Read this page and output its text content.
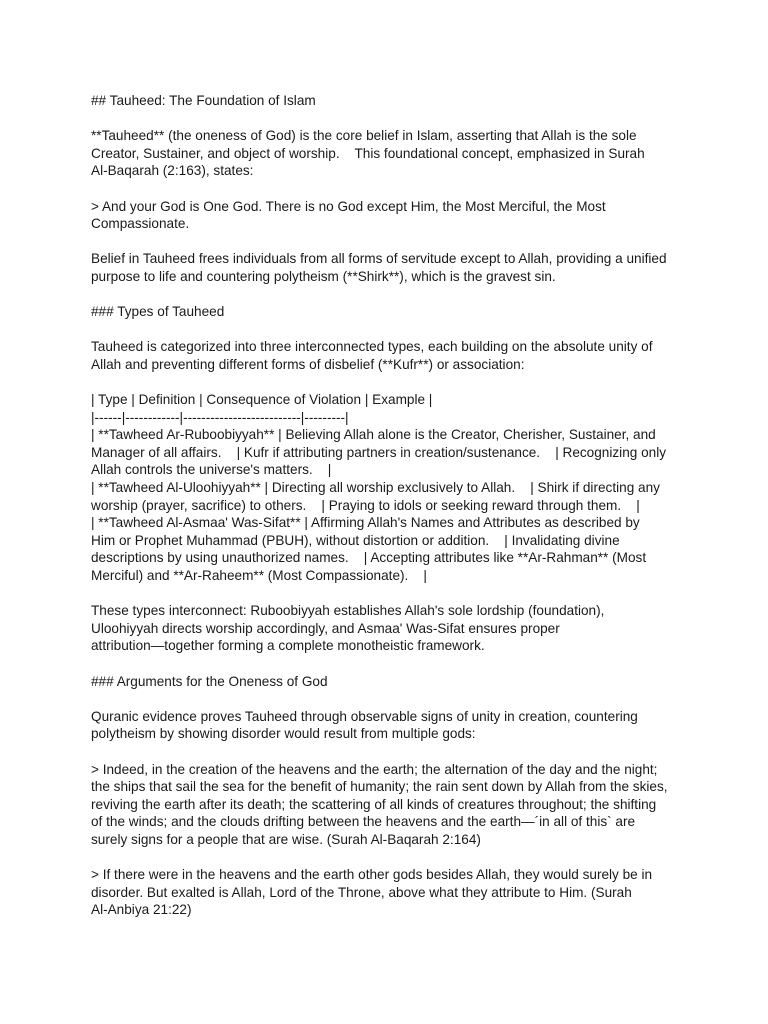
## Tauheed: The Foundation of Islam

**Tauheed** (the oneness of God) is the core belief in Islam, asserting that Allah is the sole
Creator, Sustainer, and object of worship.    This foundational concept, emphasized in Surah
Al-Baqarah (2:163), states:

> And your God is One God. There is no God except Him, the Most Merciful, the Most
Compassionate.

Belief in Tauheed frees individuals from all forms of servitude except to Allah, providing a unified
purpose to life and countering polytheism (**Shirk**), which is the gravest sin.

### Types of Tauheed

Tauheed is categorized into three interconnected types, each building on the absolute unity of
Allah and preventing different forms of disbelief (**Kufr**) or association:

| Type | Definition | Consequence of Violation | Example |

|------|------------|--------------------------|---------|

| **Tawheed Ar-Ruboobiyyah** | Believing Allah alone is the Creator, Cherisher, Sustainer, and
Manager of all affairs.    | Kufr if attributing partners in creation/sustenance.    | Recognizing only
Allah controls the universe's matters.    |

| **Tawheed Al-Uloohiyyah** | Directing all worship exclusively to Allah.    | Shirk if directing any
worship (prayer, sacrifice) to others.    | Praying to idols or seeking reward through them.    |

| **Tawheed Al-Asmaa' Was-Sifat** | Affirming Allah's Names and Attributes as described by
Him or Prophet Muhammad (PBUH), without distortion or addition.    | Invalidating divine
descriptions by using unauthorized names.    | Accepting attributes like **Ar-Rahman** (Most
Merciful) and **Ar-Raheem** (Most Compassionate).    |

These types interconnect: Ruboobiyyah establishes Allah's sole lordship (foundation),
Uloohiyyah directs worship accordingly, and Asmaa' Was-Sifat ensures proper
attribution—together forming a complete monotheistic framework.

### Arguments for the Oneness of God

Quranic evidence proves Tauheed through observable signs of unity in creation, countering
polytheism by showing disorder would result from multiple gods:

> Indeed, in the creation of the heavens and the earth; the alternation of the day and the night;
the ships that sail the sea for the benefit of humanity; the rain sent down by Allah from the skies,
reviving the earth after its death; the scattering of all kinds of creatures throughout; the shifting
of the winds; and the clouds drifting between the heavens and the earth—´in all of this` are
surely signs for a people that are wise. (Surah Al-Baqarah 2:164)

> If there were in the heavens and the earth other gods besides Allah, they would surely be in
disorder. But exalted is Allah, Lord of the Throne, above what they attribute to Him. (Surah
Al-Anbiya 21:22)
